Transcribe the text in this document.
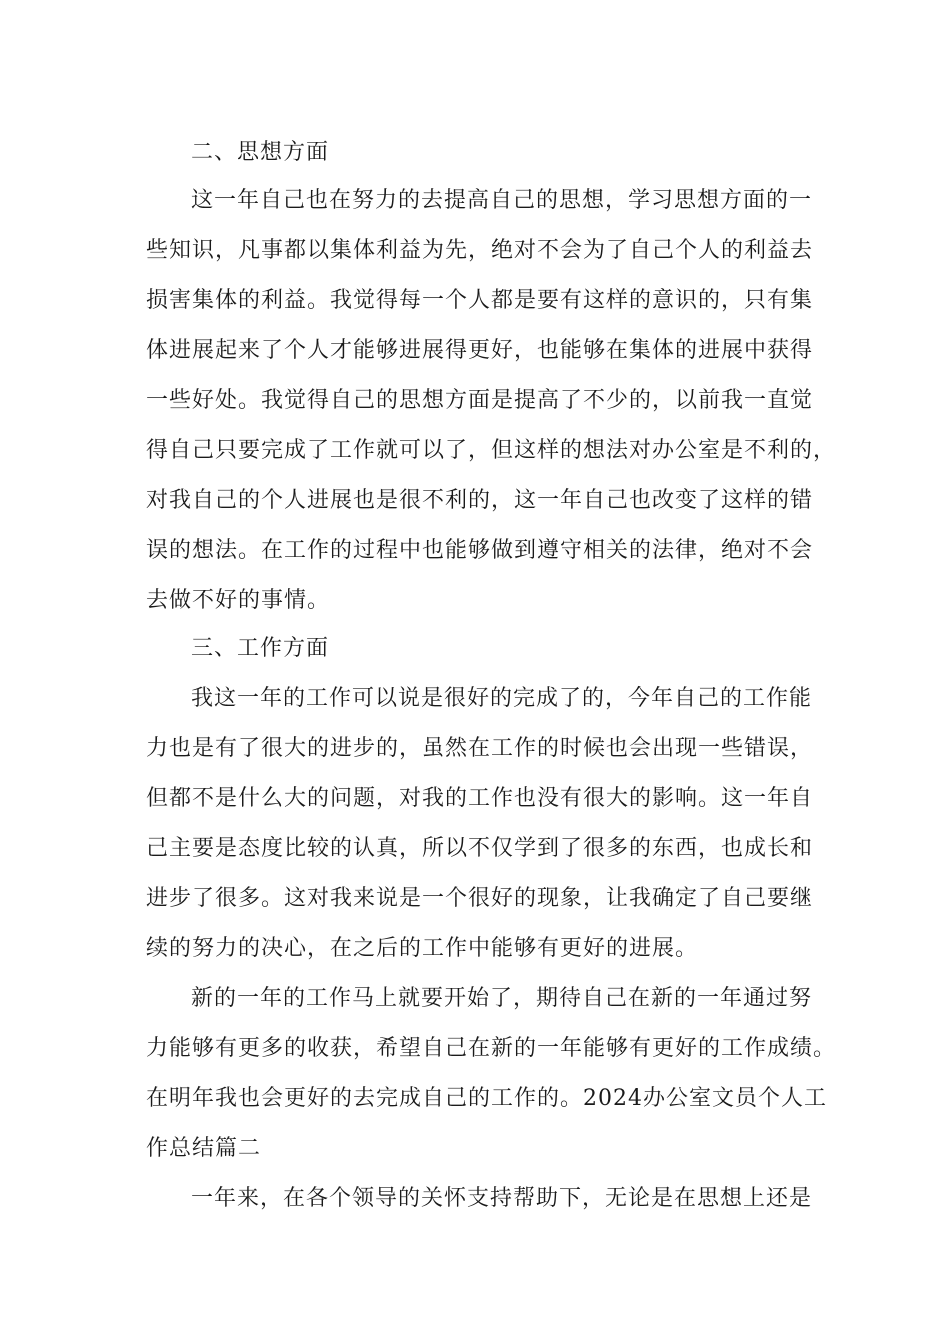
二、思想方面
这一年自己也在努力的去提高自己的思想，学习思想方面的一
些知识，凡事都以集体利益为先，绝对不会为了自己个人的利益去
损害集体的利益。我觉得每一个人都是要有这样的意识的，只有集
体进展起来了个人才能够进展得更好，也能够在集体的进展中获得
一些好处。我觉得自己的思想方面是提高了不少的，以前我一直觉
得自己只要完成了工作就可以了，但这样的想法对办公室是不利的，
对我自己的个人进展也是很不利的，这一年自己也改变了这样的错
误的想法。在工作的过程中也能够做到遵守相关的法律，绝对不会
去做不好的事情。
三、工作方面
我这一年的工作可以说是很好的完成了的，今年自己的工作能
力也是有了很大的进步的，虽然在工作的时候也会出现一些错误，
但都不是什么大的问题，对我的工作也没有很大的影响。这一年自
己主要是态度比较的认真，所以不仅学到了很多的东西，也成长和
进步了很多。这对我来说是一个很好的现象，让我确定了自己要继
续的努力的决心，在之后的工作中能够有更好的进展。
新的一年的工作马上就要开始了，期待自己在新的一年通过努
力能够有更多的收获，希望自己在新的一年能够有更好的工作成绩。
在明年我也会更好的去完成自己的工作的。2024办公室文员个人工
作总结篇二
一年来，在各个领导的关怀支持帮助下，无论是在思想上还是
